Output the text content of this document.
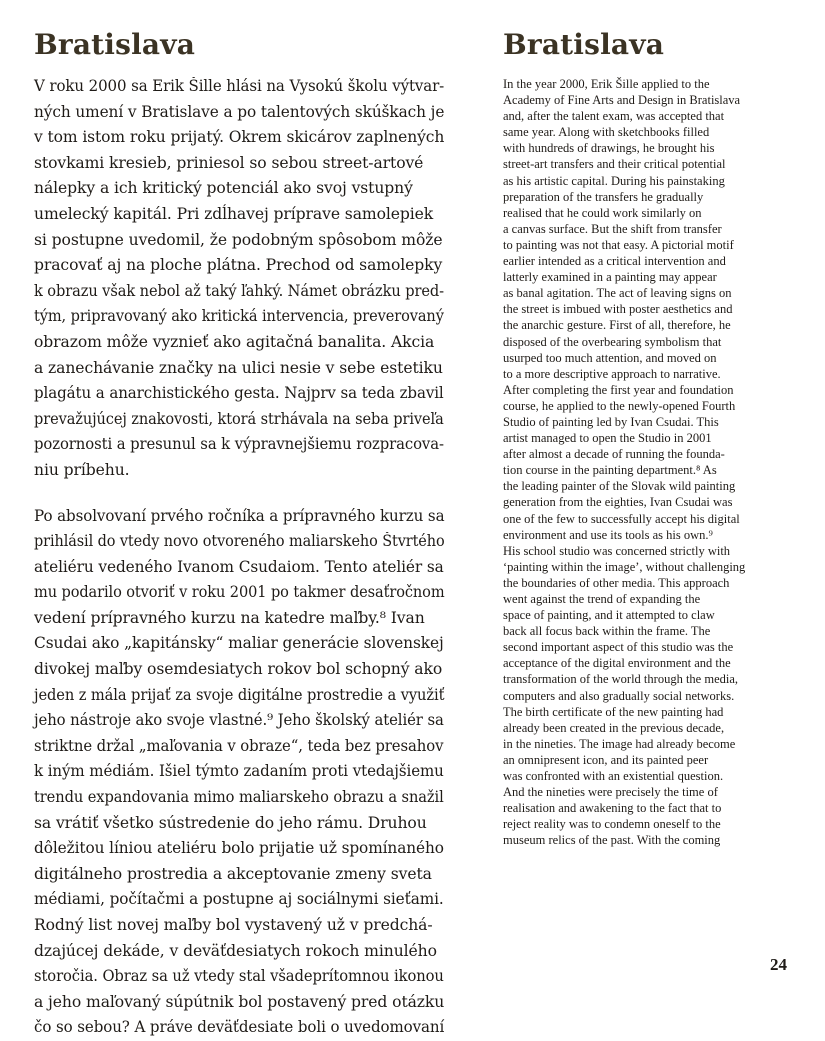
Bratislava

V roku 2000 sa Erik Šille hlási na Vysokú školu výtvar-
ných umení v Bratislave a po talentových skúškach je
v tom istom roku prijatý. Okrem skicárov zaplnených
stovkami kresieb, priniesol so sebou street-artové
nálepky a ich kritický potenciál ako svoj vstupný
umelecký kapitál. Pri zdĺhavej príprave samolepiek
si postupne uvedomil, že podobným spôsobom môže
pracovať aj na ploche plátna. Prechod od samolepky
k obrazu však nebol až taký ľahký. Námet obrázku pred-
tým, pripravovaný ako kritická intervencia, preverovaný
obrazom môže vyznieť ako agitačná banalita. Akcia
a zanechávanie značky na ulici nesie v sebe estetiku
plagátu a anarchistického gesta. Najprv sa teda zbavil
prevažujúcej znakovosti, ktorá strhávala na seba priveľa
pozornosti a presunul sa k výpravnejšiemu rozpracova-
niu príbehu.

Po absolvovaní prvého ročníka a prípravného kurzu sa
prihlásil do vtedy novo otvoreného maliarskeho Štvrtého
ateliéru vedeného Ivanom Csudaiom. Tento ateliér sa
mu podarilo otvoriť v roku 2001 po takmer desaťročnom
vedení prípravného kurzu na katedre maľby.⁸ Ivan
Csudai ako „kapitánsky“ maliar generácie slovenskej
divokej maľby osemdesiatych rokov bol schopný ako
jeden z mála prijať za svoje digitálne prostredie a využiť
jeho nástroje ako svoje vlastné.⁹ Jeho školský ateliér sa
striktne držal „maľovania v obraze“, teda bez presahov
k iným médiám. Išiel týmto zadaním proti vtedajšiemu
trendu expandovania mimo maliarskeho obrazu a snažil
sa vrátiť všetko sústredenie do jeho rámu. Druhou
dôležitou líniou ateliéru bolo prijatie už spomínaného
digitálneho prostredia a akceptovanie zmeny sveta
médiami, počítačmi a postupne aj sociálnymi sieťami.
Rodný list novej maľby bol vystavený už v predchá-
dzajúcej dekáde, v deväťdesiatych rokoch minulého
storočia. Obraz sa už vtedy stal všadeprítomnou ikonou
a jeho maľovaný súpútnik bol postavený pred otázku
čo so sebou? A práve deväťdesiate boli o uvedomovaní

Bratislava

In the year 2000, Erik Šille applied to the
Academy of Fine Arts and Design in Bratislava
and, after the talent exam, was accepted that
same year. Along with sketchbooks filled
with hundreds of drawings, he brought his
street-art transfers and their critical potential
as his artistic capital. During his painstaking
preparation of the transfers he gradually
realised that he could work similarly on
a canvas surface. But the shift from transfer
to painting was not that easy. A pictorial motif
earlier intended as a critical intervention and
latterly examined in a painting may appear
as banal agitation. The act of leaving signs on
the street is imbued with poster aesthetics and
the anarchic gesture. First of all, therefore, he
disposed of the overbearing symbolism that
usurped too much attention, and moved on
to a more descriptive approach to narrative.
After completing the first year and foundation
course, he applied to the newly-opened Fourth
Studio of painting led by Ivan Csudai. This
artist managed to open the Studio in 2001
after almost a decade of running the founda-
tion course in the painting department.⁸ As
the leading painter of the Slovak wild painting
generation from the eighties, Ivan Csudai was
one of the few to successfully accept his digital
environment and use its tools as his own.⁹
His school studio was concerned strictly with
‘painting within the image’, without challenging
the boundaries of other media. This approach
went against the trend of expanding the
space of painting, and it attempted to claw
back all focus back within the frame. The
second important aspect of this studio was the
acceptance of the digital environment and the
transformation of the world through the media,
computers and also gradually social networks.
The birth certificate of the new painting had
already been created in the previous decade,
in the nineties. The image had already become
an omnipresent icon, and its painted peer
was confronted with an existential question.
And the nineties were precisely the time of
realisation and awakening to the fact that to
reject reality was to condemn oneself to the
museum relics of the past. With the coming

24
